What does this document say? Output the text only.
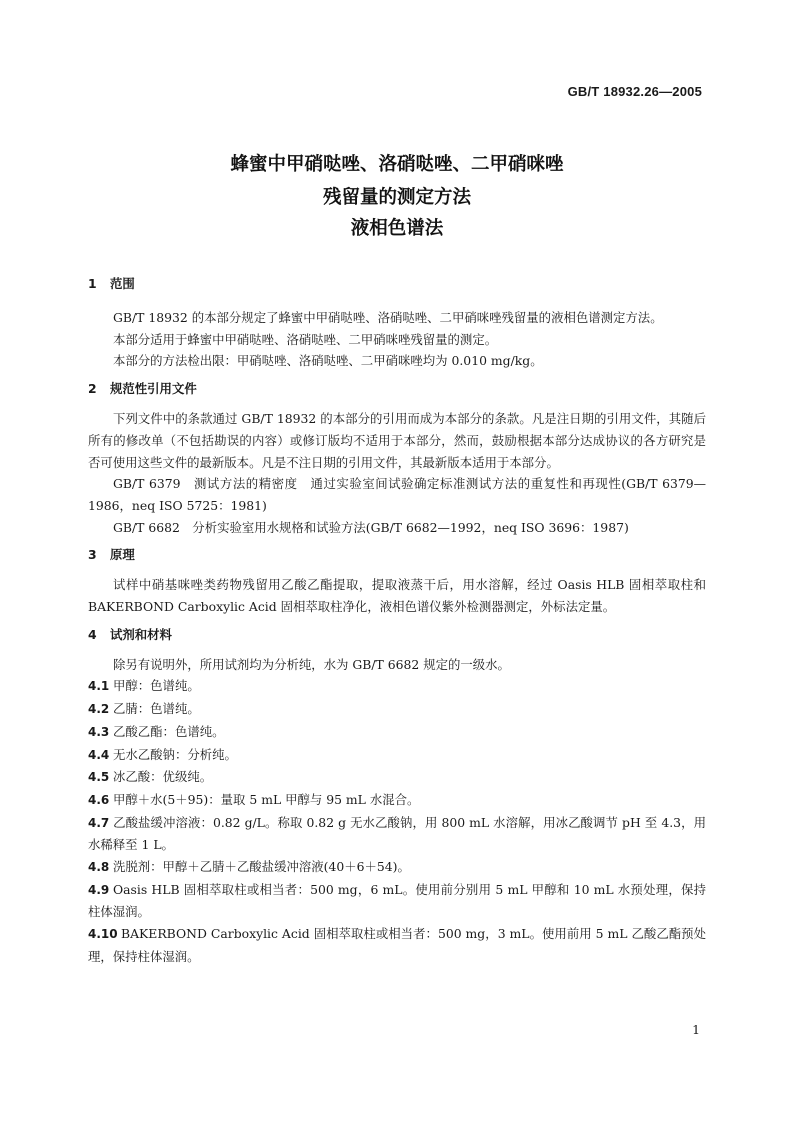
GB/T 18932.26—2005
蜂蜜中甲硝哒唑、洛硝哒唑、二甲硝咪唑
残留量的测定方法
液相色谱法
1 范围

GB/T 18932 的本部分规定了蜂蜜中甲硝哒唑、洛硝哒唑、二甲硝咪唑残留量的液相色谱测定方法。

本部分适用于蜂蜜中甲硝哒唑、洛硝哒唑、二甲硝咪唑残留量的测定。

本部分的方法检出限：甲硝哒唑、洛硝哒唑、二甲硝咪唑均为 0.010 mg/kg。

2 规范性引用文件

下列文件中的条款通过 GB/T 18932 的本部分的引用而成为本部分的条款。凡是注日期的引用文件，其随后所有的修改单（不包括勘误的内容）或修订版均不适用于本部分，然而，鼓励根据本部分达成协议的各方研究是否可使用这些文件的最新版本。凡是不注日期的引用文件，其最新版本适用于本部分。

GB/T 6379　测试方法的精密度　通过实验室间试验确定标准测试方法的重复性和再现性(GB/T 6379—1986，neq ISO 5725：1981)

GB/T 6682　分析实验室用水规格和试验方法(GB/T 6682—1992，neq ISO 3696：1987)

3 原理

试样中硝基咪唑类药物残留用乙酸乙酯提取，提取液蒸干后，用水溶解，经过 Oasis HLB 固相萃取柱和 BAKERBOND Carboxylic Acid 固相萃取柱净化，液相色谱仪紫外检测器测定，外标法定量。

4 试剂和材料

除另有说明外，所用试剂均为分析纯，水为 GB/T 6682 规定的一级水。

4.1 甲醇：色谱纯。

4.2 乙腈：色谱纯。

4.3 乙酸乙酯：色谱纯。

4.4 无水乙酸钠：分析纯。

4.5 冰乙酸：优级纯。

4.6 甲醇＋水(5＋95)：量取 5 mL 甲醇与 95 mL 水混合。

4.7 乙酸盐缓冲溶液：0.82 g/L。称取 0.82 g 无水乙酸钠，用 800 mL 水溶解，用冰乙酸调节 pH 至 4.3，用水稀释至 1 L。

4.8 洗脱剂：甲醇＋乙腈＋乙酸盐缓冲溶液(40＋6＋54)。

4.9 Oasis HLB 固相萃取柱或相当者：500 mg，6 mL。使用前分别用 5 mL 甲醇和 10 mL 水预处理，保持柱体湿润。

4.10 BAKERBOND Carboxylic Acid 固相萃取柱或相当者：500 mg，3 mL。使用前用 5 mL 乙酸乙酯预处理，保持柱体湿润。

1
